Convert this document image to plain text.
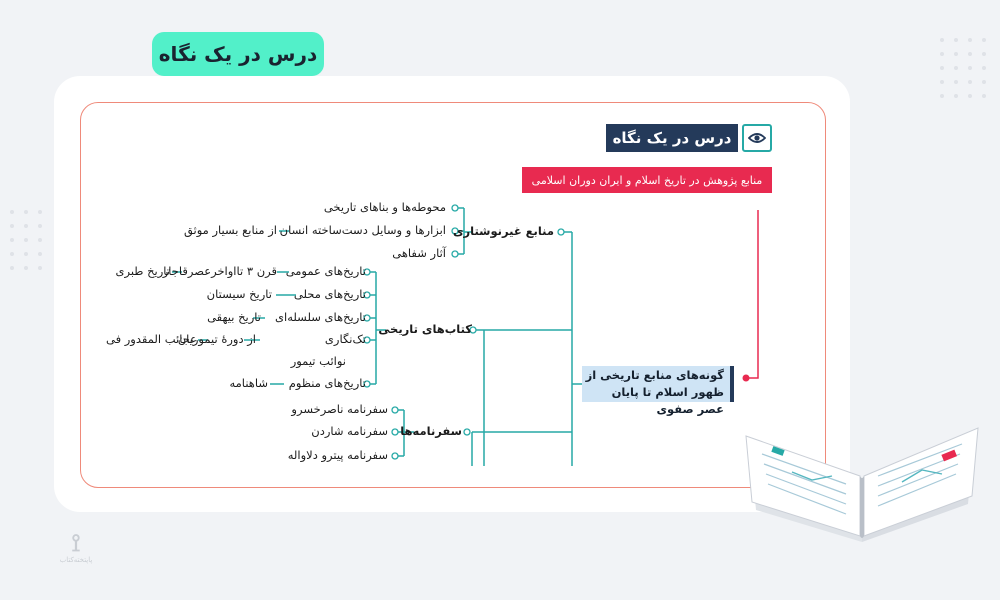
درس در یک نگاه
درس در یک نگاه
منابع پژوهش در تاریخ اسلام و ایران دوران اسلامی
گونه‌های منابع تاریخی از
ظهور اسلام تا پایان عصر صفوی
منابع غیرنوشتاری
محوطه‌ها و بناهای تاریخی
ابزارها و وسایل دست‌ساخته انسان
از منابع بسیار موثق
آثار شفاهی
کتاب‌های تاریخی
تاریخ‌های عمومی
قرن ۳ تااواخرعصرقاجار
تاریخ طبری
تاریخ‌های محلی
تاریخ سیستان
تاریخ‌های سلسله‌ای
تاریخ بیهقی
تک‌نگاری
از دورهٔ تیموریان
عجائب المقدور فی
نوائب تیمور
تاریخ‌های منظوم
شاهنامه
سفرنامه‌ها
سفرنامه ناصرخسرو
سفرنامه شاردن
سفرنامه پیترو دلاواله
⟟
پاپتخته‌کتاب
